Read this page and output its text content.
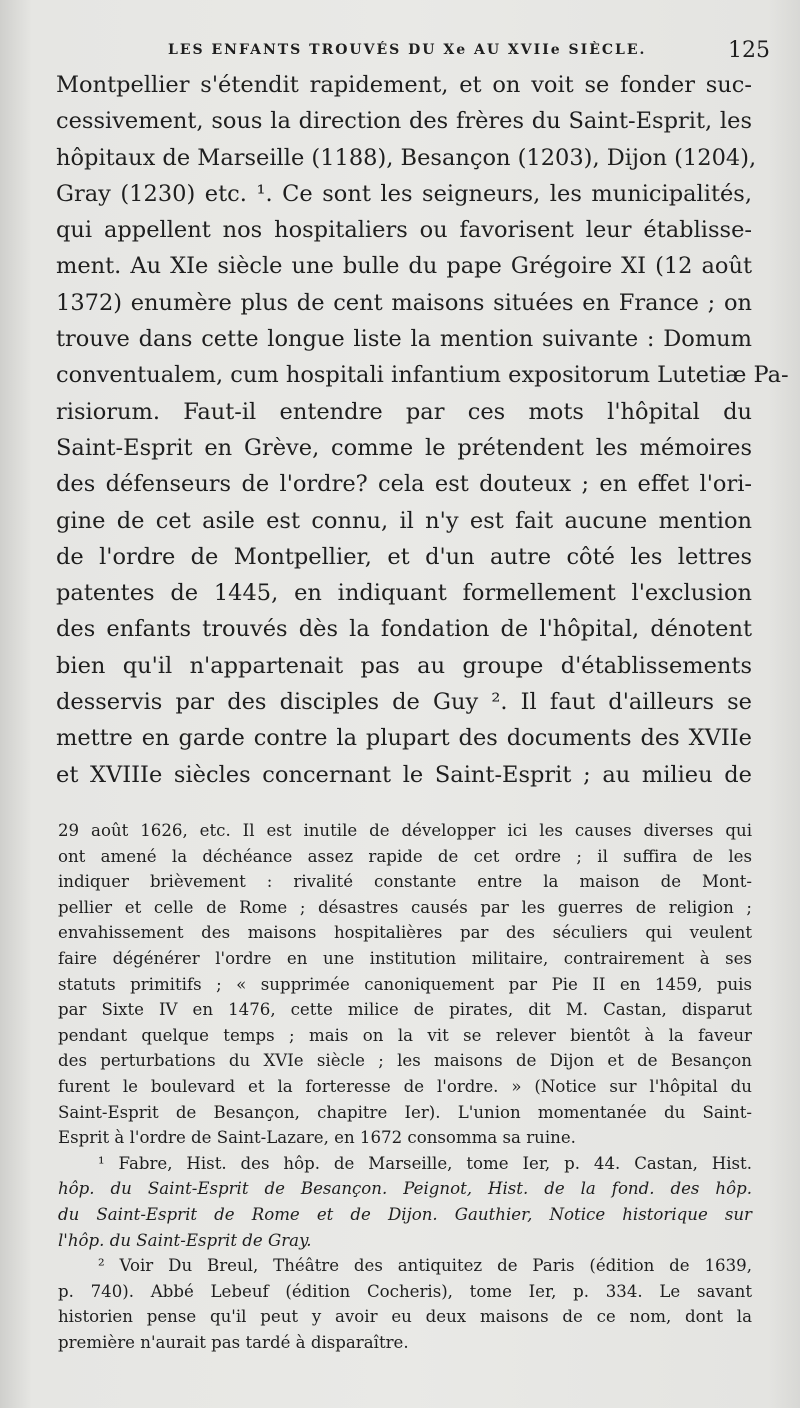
LES ENFANTS TROUVÉS DU Xe AU XVIIe SIÈCLE.	125
Montpellier s'étendit rapidement, et on voit se fonder suc-
cessivement, sous la direction des frères du Saint-Esprit, les
hôpitaux de Marseille (1188), Besançon (1203), Dijon (1204),
Gray (1230) etc. ¹. Ce sont les seigneurs, les municipalités,
qui appellent nos hospitaliers ou favorisent leur établisse-
ment. Au XIe siècle une bulle du pape Grégoire XI (12 août
1372) enumère plus de cent maisons situées en France ; on
trouve dans cette longue liste la mention suivante : Domum
conventualem, cum hospitali infantium expositorum Lutetiæ Pa-
risiorum. Faut-il entendre par ces mots l'hôpital du
Saint-Esprit en Grève, comme le prétendent les mémoires
des défenseurs de l'ordre? cela est douteux ; en effet l'ori-
gine de cet asile est connu, il n'y est fait aucune mention
de l'ordre de Montpellier, et d'un autre côté les lettres
patentes de 1445, en indiquant formellement l'exclusion
des enfants trouvés dès la fondation de l'hôpital, dénotent
bien qu'il n'appartenait pas au groupe d'établissements
desservis par des disciples de Guy ². Il faut d'ailleurs se
mettre en garde contre la plupart des documents des XVIIe
et XVIIIe siècles concernant le Saint-Esprit ; au milieu de
29 août 1626, etc. Il est inutile de développer ici les causes diverses qui
ont amené la déchéance assez rapide de cet ordre ; il suffira de les
indiquer brièvement : rivalité constante entre la maison de Mont-
pellier et celle de Rome ; désastres causés par les guerres de religion ;
envahissement des maisons hospitalières par des séculiers qui veulent
faire dégénérer l'ordre en une institution militaire, contrairement à ses
statuts primitifs ; « supprimée canoniquement par Pie II en 1459, puis
par Sixte IV en 1476, cette milice de pirates, dit M. Castan, disparut
pendant quelque temps ; mais on la vit se relever bientôt à la faveur
des perturbations du XVIe siècle ; les maisons de Dijon et de Besançon
furent le boulevard et la forteresse de l'ordre. » (Notice sur l'hôpital du
Saint-Esprit de Besançon, chapitre Ier). L'union momentanée du Saint-
Esprit à l'ordre de Saint-Lazare, en 1672 consomma sa ruine.
¹ Fabre, Hist. des hôp. de Marseille, tome Ier, p. 44. Castan, Hist.
hôp. du Saint-Esprit de Besançon. Peignot, Hist. de la fond. des hôp.
du Saint-Esprit de Rome et de Dijon. Gauthier, Notice historique sur
l'hôp. du Saint-Esprit de Gray.
² Voir Du Breul, Théâtre des antiquitez de Paris (édition de 1639,
p. 740). Abbé Lebeuf (édition Cocheris), tome Ier, p. 334. Le savant
historien pense qu'il peut y avoir eu deux maisons de ce nom, dont la
première n'aurait pas tardé à disparaître.
